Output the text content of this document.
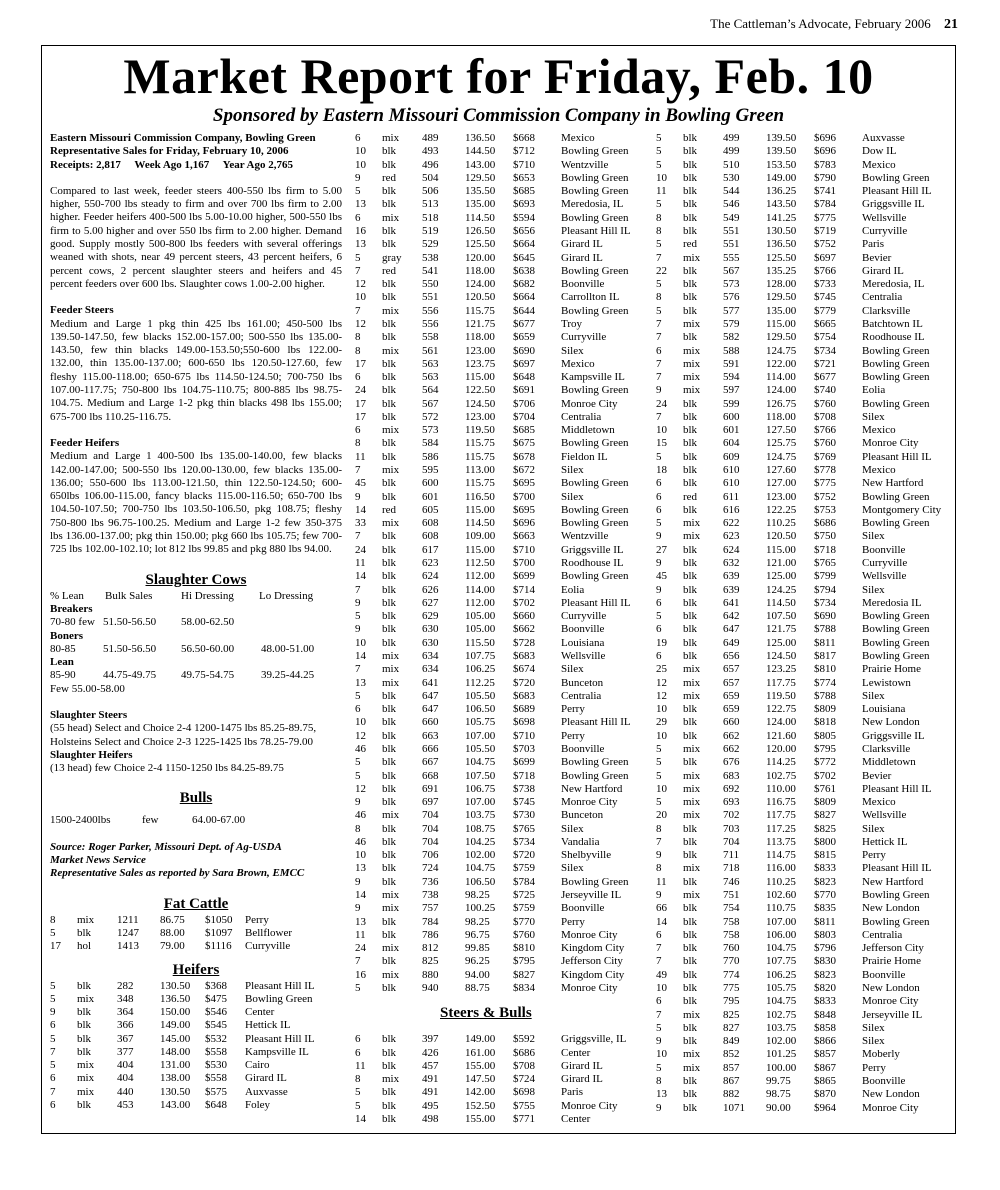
The Cattleman’s Advocate, February 2006 21
Market Report for Friday, Feb. 10
Sponsored by Eastern Missouri Commission Company in Bowling Green
Eastern Missouri Commission Company, Bowling Green
Representative Sales for Friday, February 10, 2006
Receipts: 2,817     Week Ago 1,167     Year Ago 2,765
Compared to last week, feeder steers 400-550 lbs firm to 5.00 higher, 550-700 lbs steady to firm and over 700 lbs firm to 2.00 higher. Feeder heifers 400-500 lbs 5.00-10.00 higher, 500-550 lbs firm to 5.00 higher and over 550 lbs firm to 2.00 higher. Demand good. Supply mostly 500-800 lbs feeders with several offerings weaned with shots, near 49 percent steers, 43 percent heifers, 6 percent cows, 2 percent slaughter steers and heifers and 45 percent feeders over 600 lbs. Slaughter cows 1.00-2.00 higher.
Feeder Steers
Medium and Large 1 pkg thin 425 lbs 161.00; 450-500 lbs 139.50-147.50, few blacks 152.00-157.00; 500-550 lbs 135.00-143.50, few thin blacks 149.00-153.50;550-600 lbs 122.00-132.00, thin 135.00-137.00; 600-650 lbs 120.50-127.60, few fleshy 115.00-118.00; 650-675 lbs 114.50-124.50; 700-750 lbs 107.00-117.75; 750-800 lbs 104.75-110.75; 800-885 lbs 98.75-104.75. Medium and Large 1-2 pkg thin blacks 498 lbs 155.00; 675-700 lbs 110.25-116.75.
Feeder Heifers
Medium and Large 1 400-500 lbs 135.00-140.00, few blacks 142.00-147.00; 500-550 lbs 120.00-130.00, few blacks 135.00-136.00; 550-600 lbs 113.00-121.50, thin 122.50-124.50; 600-650lbs 106.00-115.00, fancy blacks 115.00-116.50; 650-700 lbs 104.50-107.50; 700-750 lbs 103.50-106.50, pkg 108.75; fleshy 750-800 lbs 96.75-100.25. Medium and Large 1-2 few 350-375 lbs 136.00-137.00; pkg thin 150.00; pkg 660 lbs 105.75; few 700-725 lbs 102.00-102.10; lot 812 lbs 99.85 and pkg 880 lbs 94.00.
Slaughter Cows
% Lean	Bulk Sales	Hi Dressing	Lo Dressing
Breakers
70-80 few 51.50-56.50	58.00-62.50
Boners
80-85	51.50-56.50	56.50-60.00	48.00-51.00
Lean
85-90	44.75-49.75	49.75-54.75	39.25-44.25
Few 55.00-58.00
Slaughter Steers
(55 head) Select and Choice 2-4 1200-1475 lbs 85.25-89.75,
Holsteins Select and Choice 2-3 1225-1425 lbs 78.25-79.00
Slaughter Heifers
(13 head) few Choice 2-4 1150-1250 lbs 84.25-89.75
Bulls
1500-2400lbs	few	64.00-67.00
Source: Roger Parker, Missouri Dept. of Ag-USDA
Market News Service
Representative Sales as reported by Sara Brown, EMCC
Fat Cattle
8	mix	1211	86.75	$1050	Perry
5	blk	1247	88.00	$1097	Bellflower
17	hol	1413	79.00	$1116	Curryville
Heifers
5	blk	282	130.50	$368	Pleasant Hill IL
5	mix	348	136.50	$475	Bowling Green
9	blk	364	150.00	$546	Center
6	blk	366	149.00	$545	Hettick IL
5	blk	367	145.00	$532	Pleasant Hill IL
7	blk	377	148.00	$558	Kampsville IL
5	mix	404	131.00	$530	Cairo
6	mix	404	138.00	$558	Girard IL
7	mix	440	130.50	$575	Auxvasse
6	blk	453	143.00	$648	Foley
6	mix	489	136.50	$668	Mexico
10	blk	493	144.50	$712	Bowling Green
10	blk	496	143.00	$710	Wentzville
9	red	504	129.50	$653	Bowling Green
5	blk	506	135.50	$685	Bowling Green
13	blk	513	135.00	$693	Meredosia, IL
6	mix	518	114.50	$594	Bowling Green
16	blk	519	126.50	$656	Pleasant Hill IL
13	blk	529	125.50	$664	Girard IL
5	gray	538	120.00	$645	Girard IL
7	red	541	118.00	$638	Bowling Green
12	blk	550	124.00	$682	Boonville
10	blk	551	120.50	$664	Carrollton IL
7	mix	556	115.75	$644	Bowling Green
12	blk	556	121.75	$677	Troy
8	blk	558	118.00	$659	Curryville
8	mix	561	123.00	$690	Silex
17	blk	563	123.75	$697	Mexico
6	blk	563	115.00	$648	Kampsville IL
24	blk	564	122.50	$691	Bowling Green
17	blk	567	124.50	$706	Monroe City
17	blk	572	123.00	$704	Centralia
6	mix	573	119.50	$685	Middletown
8	blk	584	115.75	$675	Bowling Green
11	blk	586	115.75	$678	Fieldon IL
7	mix	595	113.00	$672	Silex
45	blk	600	115.75	$695	Bowling Green
9	blk	601	116.50	$700	Silex
14	red	605	115.00	$695	Bowling Green
33	mix	608	114.50	$696	Bowling Green
7	blk	608	109.00	$663	Wentzville
24	blk	617	115.00	$710	Griggsville IL
11	blk	623	112.50	$700	Roodhouse IL
14	blk	624	112.00	$699	Bowling Green
7	blk	626	114.00	$714	Eolia
9	blk	627	112.00	$702	Pleasant Hill IL
5	blk	629	105.00	$660	Curryville
9	blk	630	105.00	$662	Boonville
10	blk	630	115.50	$728	Louisiana
14	mix	634	107.75	$683	Wellsville
7	mix	634	106.25	$674	Silex
13	mix	641	112.25	$720	Bunceton
5	blk	647	105.50	$683	Centralia
6	blk	647	106.50	$689	Perry
10	blk	660	105.75	$698	Pleasant Hill IL
12	blk	663	107.00	$710	Perry
46	blk	666	105.50	$703	Boonville
5	blk	667	104.75	$699	Bowling Green
5	blk	668	107.50	$718	Bowling Green
12	blk	691	106.75	$738	New Hartford
9	blk	697	107.00	$745	Monroe City
46	mix	704	103.75	$730	Bunceton
8	blk	704	108.75	$765	Silex
46	blk	704	104.25	$734	Vandalia
10	blk	706	102.00	$720	Shelbyville
13	blk	724	104.75	$759	Silex
9	blk	736	106.50	$784	Bowling Green
14	mix	738	98.25	$725	Jerseyville IL
9	mix	757	100.25	$759	Boonville
13	blk	784	98.25	$770	Perry
11	blk	786	96.75	$760	Monroe City
24	mix	812	99.85	$810	Kingdom City
7	blk	825	96.25	$795	Jefferson City
16	mix	880	94.00	$827	Kingdom City
5	blk	940	88.75	$834	Monroe City
Steers & Bulls
6	blk	397	149.00	$592	Griggsville, IL
6	blk	426	161.00	$686	Center
11	blk	457	155.00	$708	Girard IL
8	mix	491	147.50	$724	Girard IL
5	blk	491	142.00	$698	Paris
5	blk	495	152.50	$755	Monroe City
14	blk	498	155.00	$771	Center
5	blk	499	139.50	$696	Auxvasse
5	blk	499	139.50	$696	Dow IL
5	blk	510	153.50	$783	Mexico
10	blk	530	149.00	$790	Bowling Green
11	blk	544	136.25	$741	Pleasant Hill IL
5	blk	546	143.50	$784	Griggsville IL
8	blk	549	141.25	$775	Wellsville
8	blk	551	130.50	$719	Curryville
5	red	551	136.50	$752	Paris
7	mix	555	125.50	$697	Bevier
22	blk	567	135.25	$766	Girard IL
5	blk	573	128.00	$733	Meredosia, IL
8	blk	576	129.50	$745	Centralia
5	blk	577	135.00	$779	Clarksville
7	mix	579	115.00	$665	Batchtown IL
7	blk	582	129.50	$754	Roodhouse IL
6	mix	588	124.75	$734	Bowling Green
7	mix	591	122.00	$721	Bowling Green
7	mix	594	114.00	$677	Bowling Green
9	mix	597	124.00	$740	Eolia
24	blk	599	126.75	$760	Bowling Green
7	blk	600	118.00	$708	Silex
10	blk	601	127.50	$766	Mexico
15	blk	604	125.75	$760	Monroe City
5	blk	609	124.75	$769	Pleasant Hill IL
18	blk	610	127.60	$778	Mexico
6	blk	610	127.00	$775	New Hartford
6	red	611	123.00	$752	Bowling Green
6	blk	616	122.25	$753	Montgomery City
5	mix	622	110.25	$686	Bowling Green
9	mix	623	120.50	$750	Silex
27	blk	624	115.00	$718	Boonville
9	blk	632	121.00	$765	Curryville
45	blk	639	125.00	$799	Wellsville
9	blk	639	124.25	$794	Silex
6	blk	641	114.50	$734	Meredosia IL
5	blk	642	107.50	$690	Bowling Green
6	blk	647	121.75	$788	Bowling Green
19	blk	649	125.00	$811	Bowling Green
6	blk	656	124.50	$817	Bowling Green
25	mix	657	123.25	$810	Prairie Home
12	mix	657	117.75	$774	Lewistown
12	mix	659	119.50	$788	Silex
10	blk	659	122.75	$809	Louisiana
29	blk	660	124.00	$818	New London
10	blk	662	121.60	$805	Griggsville IL
5	mix	662	120.00	$795	Clarksville
5	blk	676	114.25	$772	Middletown
5	mix	683	102.75	$702	Bevier
10	mix	692	110.00	$761	Pleasant Hill IL
5	mix	693	116.75	$809	Mexico
20	mix	702	117.75	$827	Wellsville
8	blk	703	117.25	$825	Silex
7	blk	704	113.75	$800	Hettick IL
9	blk	711	114.75	$815	Perry
8	mix	718	116.00	$833	Pleasant Hill IL
11	blk	746	110.25	$823	New Hartford
9	mix	751	102.60	$770	Bowling Green
66	blk	754	110.75	$835	New London
14	blk	758	107.00	$811	Bowling Green
6	blk	758	106.00	$803	Centralia
7	blk	760	104.75	$796	Jefferson City
7	blk	770	107.75	$830	Prairie Home
49	blk	774	106.25	$823	Boonville
10	blk	775	105.75	$820	New London
6	blk	795	104.75	$833	Monroe City
7	mix	825	102.75	$848	Jerseyville IL
5	blk	827	103.75	$858	Silex
9	blk	849	102.00	$866	Silex
10	mix	852	101.25	$857	Moberly
5	mix	857	100.00	$867	Perry
8	blk	867	99.75	$865	Boonville
13	blk	882	98.75	$870	New London
9	blk	1071	90.00	$964	Monroe City
